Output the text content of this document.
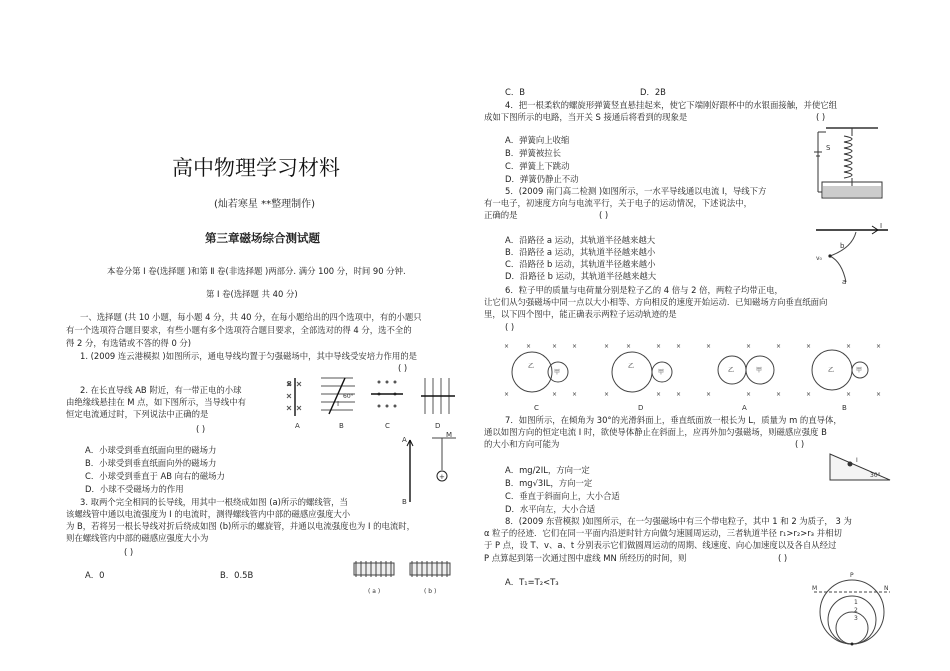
高中物理学习材料
(灿若寒星 **整理制作)
第三章磁场综合测试题
本卷分第 Ⅰ 卷(选择题 )和第 Ⅱ 卷(非选择题 )两部分. 满分 100 分，时间 90 分钟.
第 Ⅰ 卷(选择题 共 40 分)
一、选择题 (共 10 小题，每小题 4 分，共 40 分，在每小题给出的四个选项中，有的小题只
有一个选项符合题目要求，有些小题有多个选项符合题目要求，全部选对的得 4 分，选不全的
得 2 分，有选错或不答的得 0 分)
1. (2009 连云港模拟 )如图所示，通电导线均置于匀强磁场中，其中导线受安培力作用的是
( )
B
I
60°
A	B	C	D
2. 在长直导线 AB 附近，有一带正电的小球
由绝缘线悬挂在 M 点，如下图所示，当导线中有
恒定电流通过时，下列说法中正确的是
( )
A．小球受到垂直纸面向里的磁场力
B．小球受到垂直纸面向外的磁场力
C．小球受到垂直于 AB 向右的磁场力
D．小球不受磁场力的作用
+
A
B
M
3. 取两个完全相同的长导线，用其中一根绕成如图 (a)所示的螺线管，当
该螺线管中通以电流强度为 I 的电流时，测得螺线管内中部的磁感应强度大小
为 B，若将另一根长导线对折后绕成如图 (b)所示的螺旋管，并通以电流强度也为 I 的电流时，
则在螺线管内中部的磁感应强度大小为
( )
A．0	B．0.5B
( a )	( b )
C．B	D．2B
4．把一根柔软的螺旋形弹簧竖直悬挂起来，使它下端刚好跟杯中的水银面接触，并使它组
成如下图所示的电路，当开关 S 接通后将看到的现象是	( )
A．弹簧向上收缩
B．弹簧被拉长
C．弹簧上下跳动
D．弹簧仍静止不动
S
5．(2009 南门高二检测 )如图所示，一水平导线通以电流 I，导线下方
有一电子，初速度方向与电流平行，关于电子的运动情况，下述说法中，
正确的是	( )
A．沿路径 a 运动，其轨道半径越来越大
B．沿路径 a 运动，其轨道半径越来越小
C．沿路径 b 运动，其轨道半径越来越小
D．沿路径 b 运动，其轨道半径越来越大
I
b
a
v₀
6．粒子甲的质量与电荷量分别是粒子乙的 4 倍与 2 倍，两粒子均带正电，
让它们从匀强磁场中同一点以大小相等、方向相反的速度开始运动．已知磁场方向垂直纸面向
里，以下四个图中，能正确表示两粒子运动轨迹的是
( )
×	×	× ×
×	× ×
×	×	× ×
×	× ×
×	×	×
×	×	×
×	×	×
×	×	×
乙
甲
乙
甲	乙	甲	乙	甲
C	D	A	B
7．如图所示，在倾角为 30°的光滑斜面上，垂直纸面放一根长为 L，质量为 m 的直导体，
通以如图方向的恒定电流 I 时，欲使导体静止在斜面上，应再外加匀强磁场，则磁感应强度 B
的大小和方向可能为	( )
A．mg/2IL，方向一定
B．mg√3IL，方向一定
C．垂直于斜面向上，大小合适
D．水平向左，大小合适
I
30°
8．(2009 东营模拟 )如图所示，在一匀强磁场中有三个带电粒子，其中 1 和 2 为质子， 3 为
α 粒子的径迹．它们在同一平面内沿逆时针方向做匀速圆周运动，三者轨道半径 r₁>r₂>r₃ 并相切
于 P 点，设 T、v、a、t 分别表示它们做圆周运动的周期、线速度、向心加速度以及各自从经过
P 点算起到第一次通过图中虚线 MN 所经历的时间，则	( )
A．T₁=T₂<T₃
M	N
P
3
2
1
